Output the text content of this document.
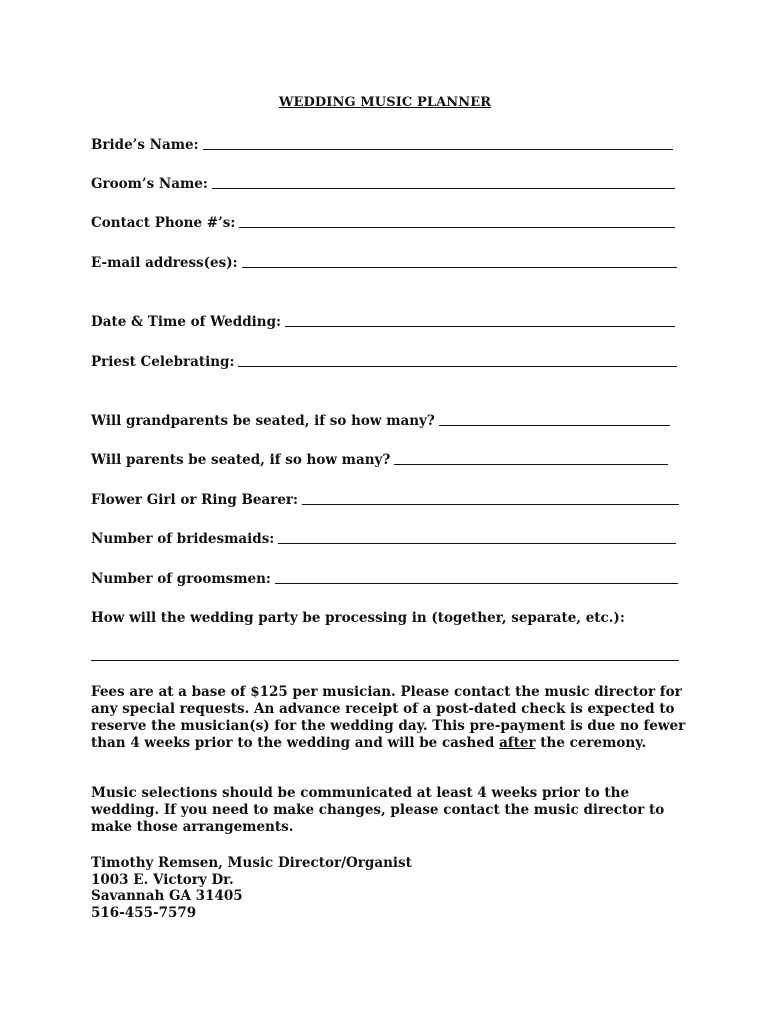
WEDDING MUSIC PLANNER
Bride’s Name:
Groom’s Name:
Contact Phone #’s:
E-mail address(es):
Date & Time of Wedding:
Priest Celebrating:
Will grandparents be seated, if so how many?
Will parents be seated, if so how many?
Flower Girl or Ring Bearer:
Number of bridesmaids:
Number of groomsmen:
How will the wedding party be processing in (together, separate, etc.):
Fees are at a base of $125 per musician. Please contact the music director for any special requests. An advance receipt of a post-dated check is expected to reserve the musician(s) for the wedding day. This pre-payment is due no fewer than 4 weeks prior to the wedding and will be cashed after the ceremony.
Music selections should be communicated at least 4 weeks prior to the wedding. If you need to make changes, please contact the music director to make those arrangements.
Timothy Remsen, Music Director/Organist
1003 E. Victory Dr.
Savannah GA 31405
516-455-7579
